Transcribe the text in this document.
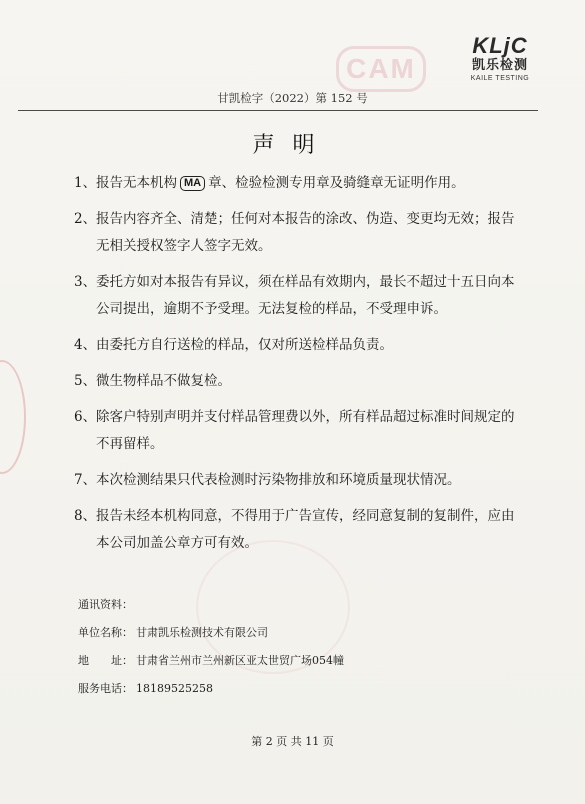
CAM
KLjC
凯乐检测
KAILE TESTING
甘凯检字（2022）第 152 号
声明
1、 报告无本机构 MA 章、检验检测专用章及骑缝章无证明作用。
2、 报告内容齐全、清楚；任何对本报告的涂改、伪造、变更均无效；报告无相关授权签字人签字无效。
3、 委托方如对本报告有异议，须在样品有效期内，最长不超过十五日向本公司提出，逾期不予受理。无法复检的样品，不受理申诉。
4、 由委托方自行送检的样品，仅对所送检样品负责。
5、 微生物样品不做复检。
6、 除客户特别声明并支付样品管理费以外，所有样品超过标准时间规定的不再留样。
7、 本次检测结果只代表检测时污染物排放和环境质量现状情况。
8、 报告未经本机构同意，不得用于广告宣传，经同意复制的复制件，应由本公司加盖公章方可有效。
通讯资料：
单位名称： 甘肃凯乐检测技术有限公司
地　　址： 甘肃省兰州市兰州新区亚太世贸广场054幢
服务电话： 18189525258
第 2 页 共 11 页
